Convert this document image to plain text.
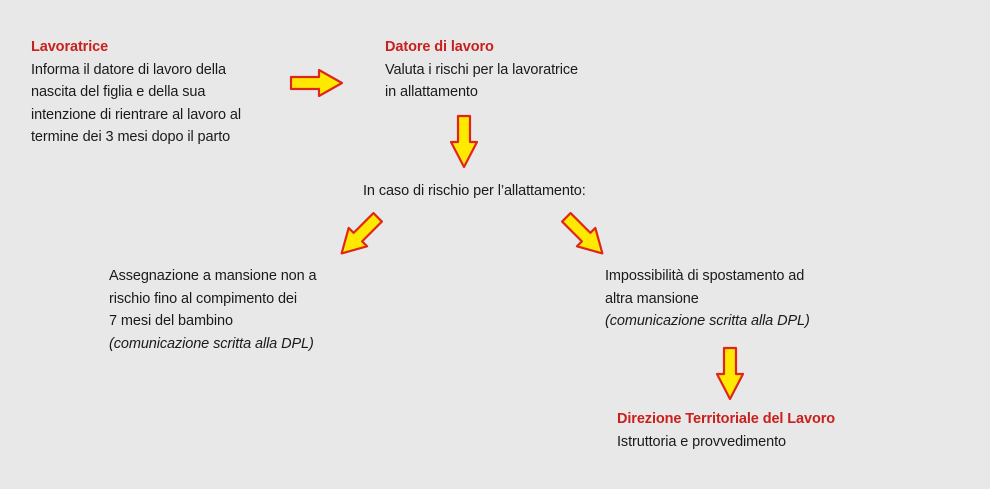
Lavoratrice
Informa il datore di lavoro della
nascita del figlia e della sua
intenzione di rientrare al lavoro al
termine dei 3 mesi dopo il parto
Datore di lavoro
Valuta i rischi per la lavoratrice
in allattamento
In caso di rischio per l’allattamento:
Assegnazione a mansione non a
rischio fino al compimento dei
7 mesi del bambino
(comunicazione scritta alla DPL)
Impossibilità di spostamento ad
altra mansione
(comunicazione scritta alla DPL)
Direzione Territoriale del Lavoro
Istruttoria e provvedimento
